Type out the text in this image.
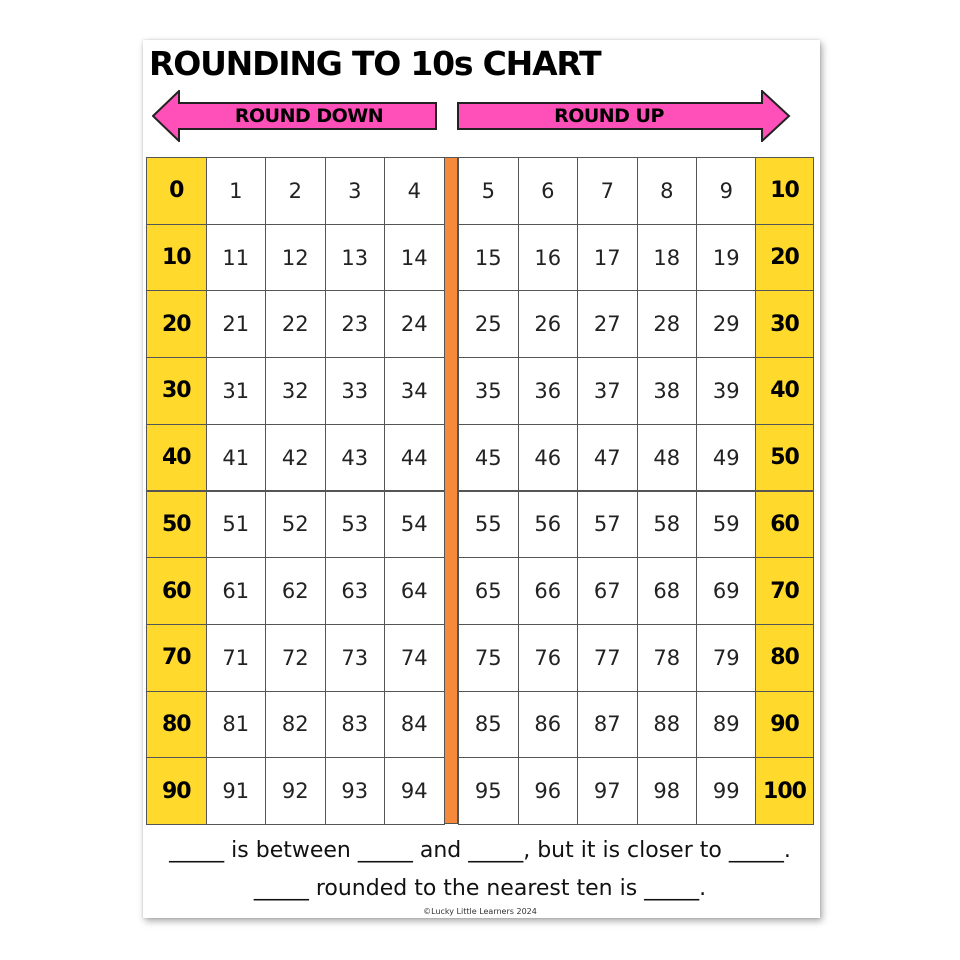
ROUNDING TO 10s CHART
ROUND DOWN	ROUND UP
0	1	2	3	4	5	6	7	8	9	10
10	11	12	13	14	15	16	17	18	19	20
20	21	22	23	24	25	26	27	28	29	30
30	31	32	33	34	35	36	37	38	39	40
40	41	42	43	44	45	46	47	48	49	50
50	51	52	53	54	55	56	57	58	59	60
60	61	62	63	64	65	66	67	68	69	70
70	71	72	73	74	75	76	77	78	79	80
80	81	82	83	84	85	86	87	88	89	90
90	91	92	93	94	95	96	97	98	99	100
_____ is between _____ and _____, but it is closer to _____.
_____ rounded to the nearest ten is _____.
©Lucky Little Learners 2024
